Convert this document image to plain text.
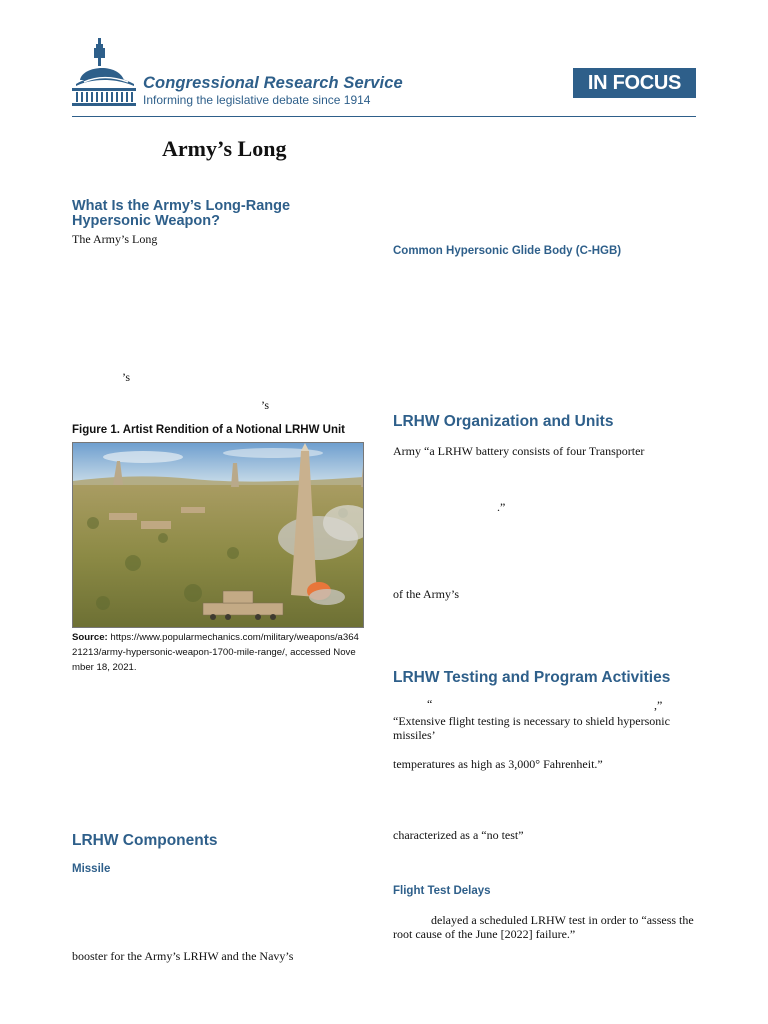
Congressional Research Service
Informing the legislative debate since 1914
IN FOCUS
Army’s Long
What Is the Army’s Long-Range Hypersonic Weapon?
The Army’s Long
’s
’s
Figure 1. Artist Rendition of a Notional LRHW Unit
Source: https://www.popularmechanics.com/military/weapons/a36421213/army-hypersonic-weapon-1700-mile-range/, accessed November 18, 2021.
LRHW Components
Missile
booster for the Army’s LRHW and the Navy’s
Common Hypersonic Glide Body (C-HGB)
LRHW Organization and Units
Army “a LRHW battery consists of four Transporter
.”
of the Army’s
LRHW Testing and Program Activities
“	,”
“Extensive flight testing is necessary to shield hypersonic missiles’
temperatures as high as 3,000° Fahrenheit.”
characterized as a “no test”
Flight Test Delays
delayed a scheduled LRHW test in order to “assess the root cause of the June [2022] failure.”
